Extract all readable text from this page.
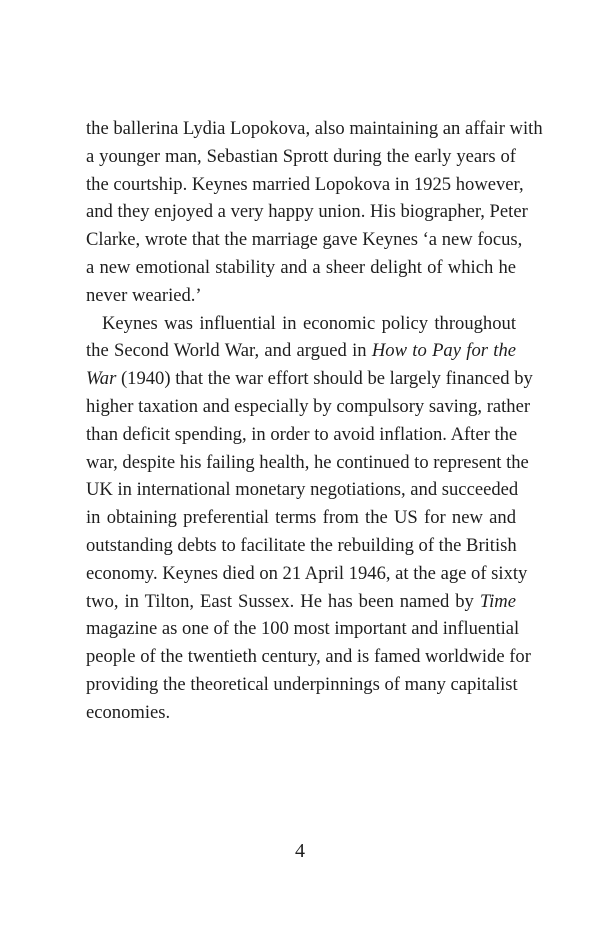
the ballerina Lydia Lopokova, also maintaining an affair with
a younger man, Sebastian Sprott during the early years of
the courtship. Keynes married Lopokova in 1925 however,
and they enjoyed a very happy union. His biographer, Peter
Clarke, wrote that the marriage gave Keynes ‘a new focus,
a new emotional stability and a sheer delight of which he
never wearied.’
Keynes was influential in economic policy throughout
the Second World War, and argued in How to Pay for the
War (1940) that the war effort should be largely financed by
higher taxation and especially by compulsory saving, rather
than deficit spending, in order to avoid inflation. After the
war, despite his failing health, he continued to represent the
UK in international monetary negotiations, and succeeded
in obtaining preferential terms from the US for new and
outstanding debts to facilitate the rebuilding of the British
economy. Keynes died on 21 April 1946, at the age of sixty
two, in Tilton, East Sussex. He has been named by Time
magazine as one of the 100 most important and influential
people of the twentieth century, and is famed worldwide for
providing the theoretical underpinnings of many capitalist
economies.
4
